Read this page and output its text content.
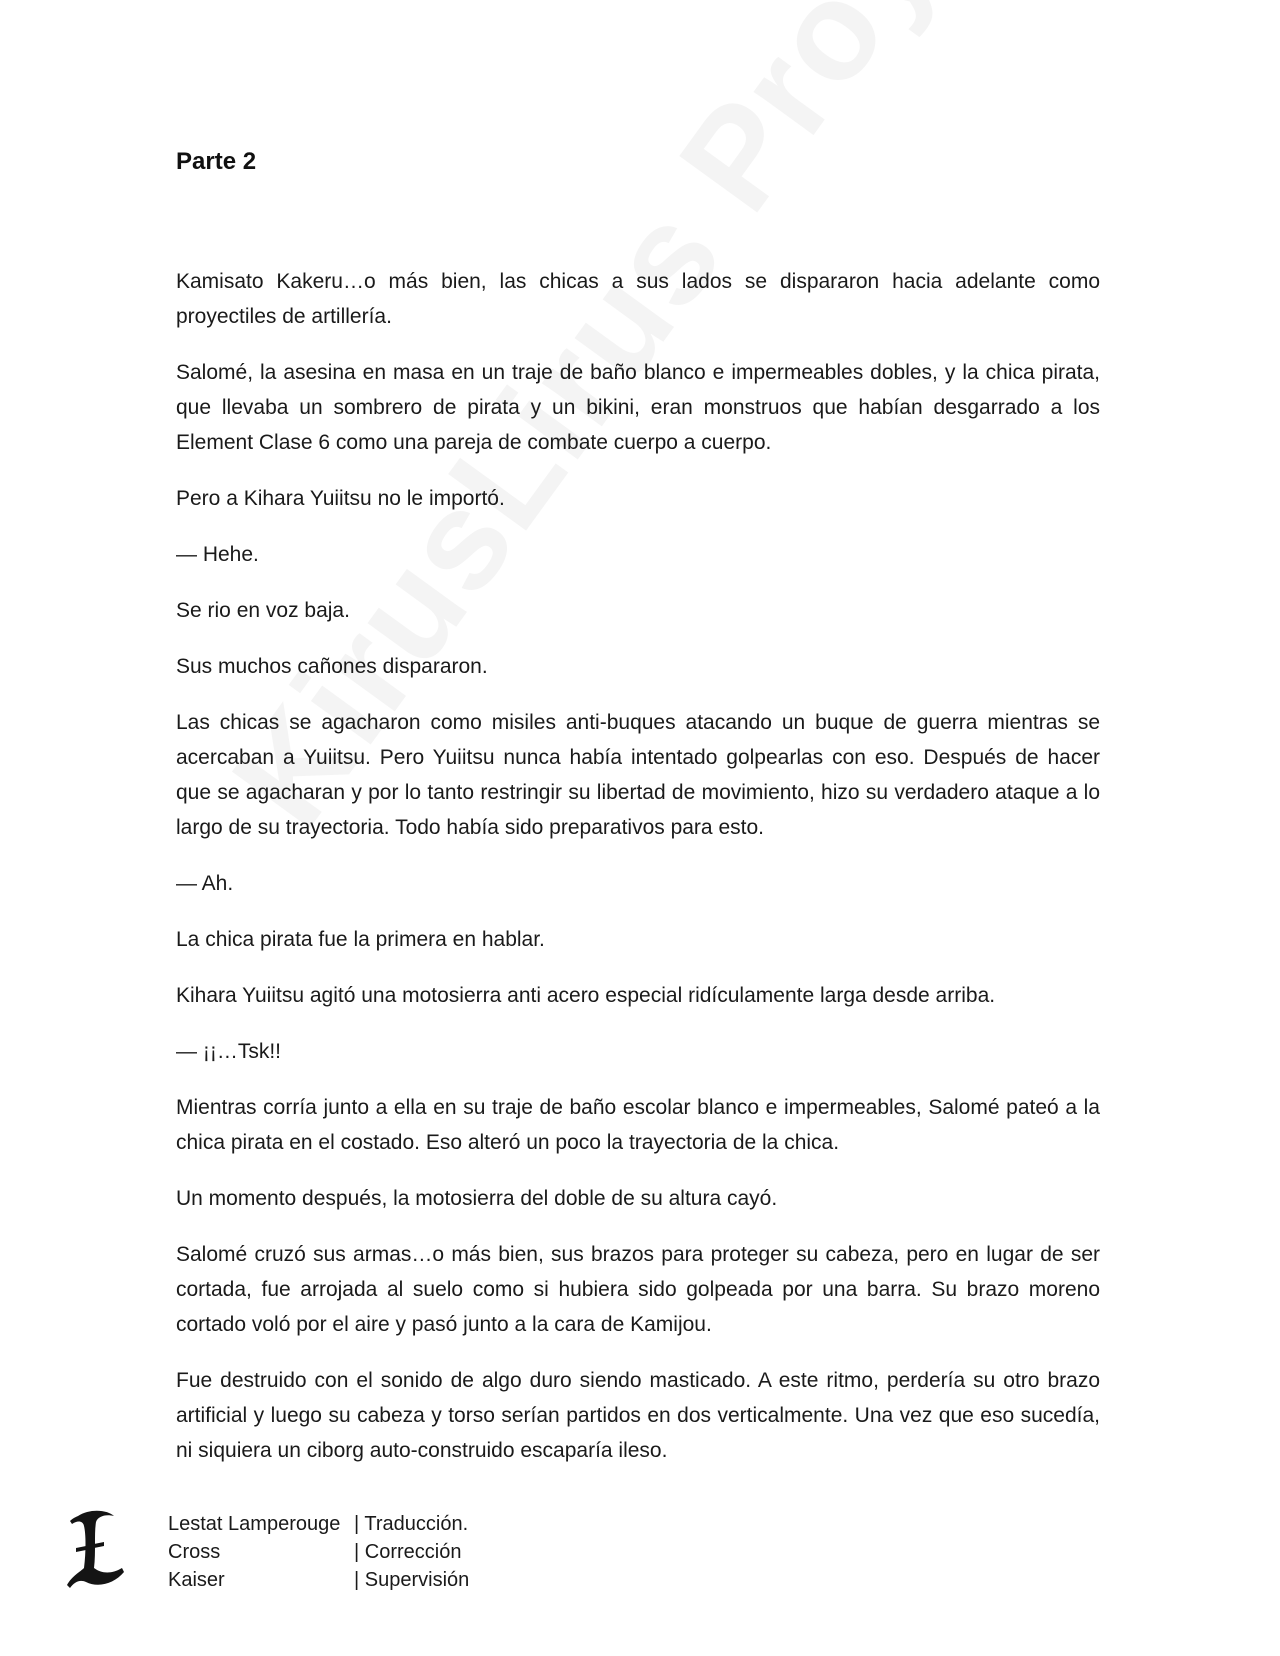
Parte 2

Kamisato Kakeru…o más bien, las chicas a sus lados se dispararon hacia adelante como proyectiles de artillería.

Salomé, la asesina en masa en un traje de baño blanco e impermeables dobles, y la chica pirata, que llevaba un sombrero de pirata y un bikini, eran monstruos que habían desgarrado a los Element Clase 6 como una pareja de combate cuerpo a cuerpo.

Pero a Kihara Yuiitsu no le importó.

— Hehe.

Se rio en voz baja.

Sus muchos cañones dispararon.

Las chicas se agacharon como misiles anti-buques atacando un buque de guerra mientras se acercaban a Yuiitsu. Pero Yuiitsu nunca había intentado golpearlas con eso. Después de hacer que se agacharan y por lo tanto restringir su libertad de movimiento, hizo su verdadero ataque a lo largo de su trayectoria. Todo había sido preparativos para esto.

— Ah.

La chica pirata fue la primera en hablar.

Kihara Yuiitsu agitó una motosierra anti acero especial ridículamente larga desde arriba.

— ¡¡…Tsk!!

Mientras corría junto a ella en su traje de baño escolar blanco e impermeables, Salomé pateó a la chica pirata en el costado. Eso alteró un poco la trayectoria de la chica.

Un momento después, la motosierra del doble de su altura cayó.

Salomé cruzó sus armas…o más bien, sus brazos para proteger su cabeza, pero en lugar de ser cortada, fue arrojada al suelo como si hubiera sido golpeada por una barra. Su brazo moreno cortado voló por el aire y pasó junto a la cara de Kamijou.

Fue destruido con el sonido de algo duro siendo masticado. A este ritmo, perdería su otro brazo artificial y luego su cabeza y torso serían partidos en dos verticalmente. Una vez que eso sucedía, ni siquiera un ciborg auto-construido escaparía ileso.

Lestat Lamperouge | Traducción.
Cross	| Corrección
Kaiser	| Supervisión
